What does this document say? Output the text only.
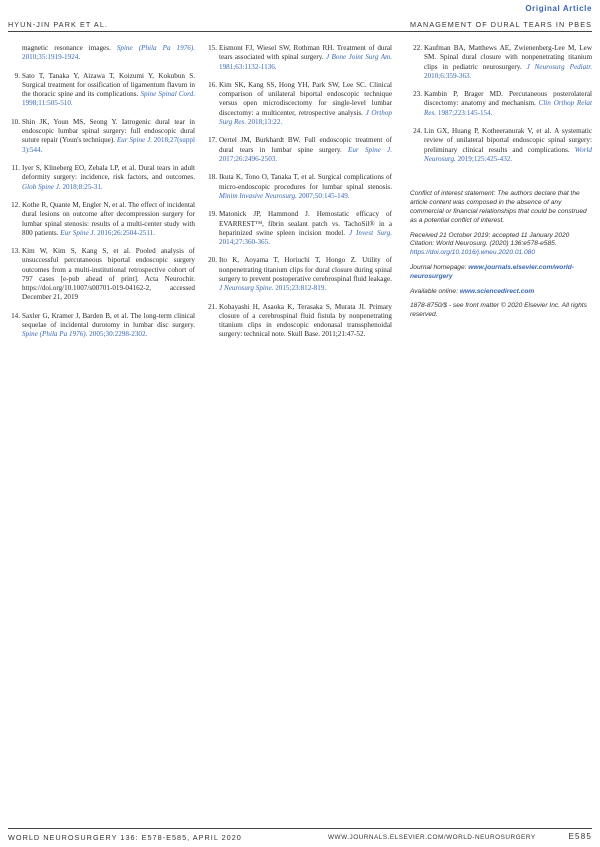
Original Article
HYUN-JIN PARK ET AL.	MANAGEMENT OF DURAL TEARS IN PBES
magnetic resonance images. Spine (Phila Pa 1976). 2010;35:1919-1924.
9. Sato T, Tanaka Y, Aizawa T, Koizumi Y, Kokubun S. Surgical treatment for ossification of ligamentum flavum in the thoracic spine and its complications. Spine Spinal Cord. 1998;11:505-510.
10. Shin JK, Youn MS, Seong Y. Iatrogenic dural tear in endoscopic lumbar spinal surgery: full endoscopic dural suture repair (Youn's technique). Eur Spine J. 2018;27(suppl 3):544.
11. Iyer S, Klineberg EO, Zebala LP, et al. Dural tears in adult deformity surgery: incidence, risk factors, and outcomes. Glob Spine J. 2018;8:25-31.
12. Kothe R, Quante M, Engler N, et al. The effect of incidental dural lesions on outcome after decompression surgery for lumbar spinal stenosis: results of a multi-center study with 800 patients. Eur Spine J. 2016;26:2504-2511.
13. Kim W, Kim S, Kang S, et al. Pooled analysis of unsuccessful percutaneous biportal endoscopic surgery outcomes from a multi-institutional retrospective cohort of 797 cases [e-pub ahead of print]. Acta Neurochir. https://doi.org/10.1007/s00701-019-04162-2, accessed December 21, 2019
14. Saxler G, Kramer J, Barden B, et al. The long-term clinical sequelae of incidental durotomy in lumbar disc surgery. Spine (Phila Pa 1976). 2005;30:2298-2302.
15. Eismont FJ, Wiesel SW, Rothman RH. Treatment of dural tears associated with spinal surgery. J Bone Joint Surg Am. 1981;63:1132-1136.
16. Kim SK, Kang SS, Hong YH, Park SW, Lee SC. Clinical comparison of unilateral biportal endoscopic technique versus open microdiscectomy for single-level lumbar discectomy: a multicenter, retrospective analysis. J Orthop Surg Res. 2018;13:22.
17. Oertel JM, Burkhardt BW. Full endoscopic treatment of dural tears in lumbar spine surgery. Eur Spine J. 2017;26:2496-2503.
18. Ikuta K, Tono O, Tanaka T, et al. Surgical complications of micro-endoscopic procedures for lumbar spinal stenosis. Minim Invasive Neurosurg. 2007;50:145-149.
19. Matonick JP, Hammond J. Hemostatic efficacy of EVARREST™, fibrin sealant patch vs. TachoSil® in a heparinized swine spleen incision model. J Invest Surg. 2014;27:360-365.
20. Ito K, Aoyama T, Horiuchi T, Hongo Z. Utility of nonpenetrating titanium clips for dural closure during spinal surgery to prevent postoperative cerebrospinal fluid leakage. J Neurosurg Spine. 2015;23:812-819.
21. Kobayashi H, Asaoka K, Terasaka S, Murata JI. Primary closure of a cerebrospinal fluid fistula by nonpenetrating titanium clips in endoscopic endonasal transsphenoidal surgery: technical note. Skull Base. 2011;21:47-52.
22. Kaufman BA, Matthews AE, Zwienenberg-Lee M, Lew SM. Spinal dural closure with nonpenetrating titanium clips in pediatric neurosurgery. J Neurosurg Pediatr. 2010;6:359-363.
23. Kambin P, Brager MD. Percutaneous posterolateral discectomy: anatomy and mechanism. Clin Orthop Relat Res. 1987;223:145-154.
24. Lin GX, Huang P, Kotheeranurak V, et al. A systematic review of unilateral biportal endoscopic spinal surgery: preliminary clinical results and complications. World Neurosurg. 2019;125:425-432.

Conflict of interest statement: The authors declare that the article content was composed in the absence of any commercial or financial relationships that could be construed as a potential conflict of interest.

Received 21 October 2019; accepted 11 January 2020

Citation: World Neurosurg. (2020) 136:e578-e585.

https://doi.org/10.1016/j.wneu.2020.01.080

Journal homepage: www.journals.elsevier.com/world-neurosurgery

Available online: www.sciencedirect.com

1878-8750/$ - see front matter © 2020 Elsevier Inc. All rights reserved.

WORLD NEUROSURGERY 136: E578-E585, APRIL 2020	WWW.JOURNALS.ELSEVIER.COM/WORLD-NEUROSURGERY	E585
